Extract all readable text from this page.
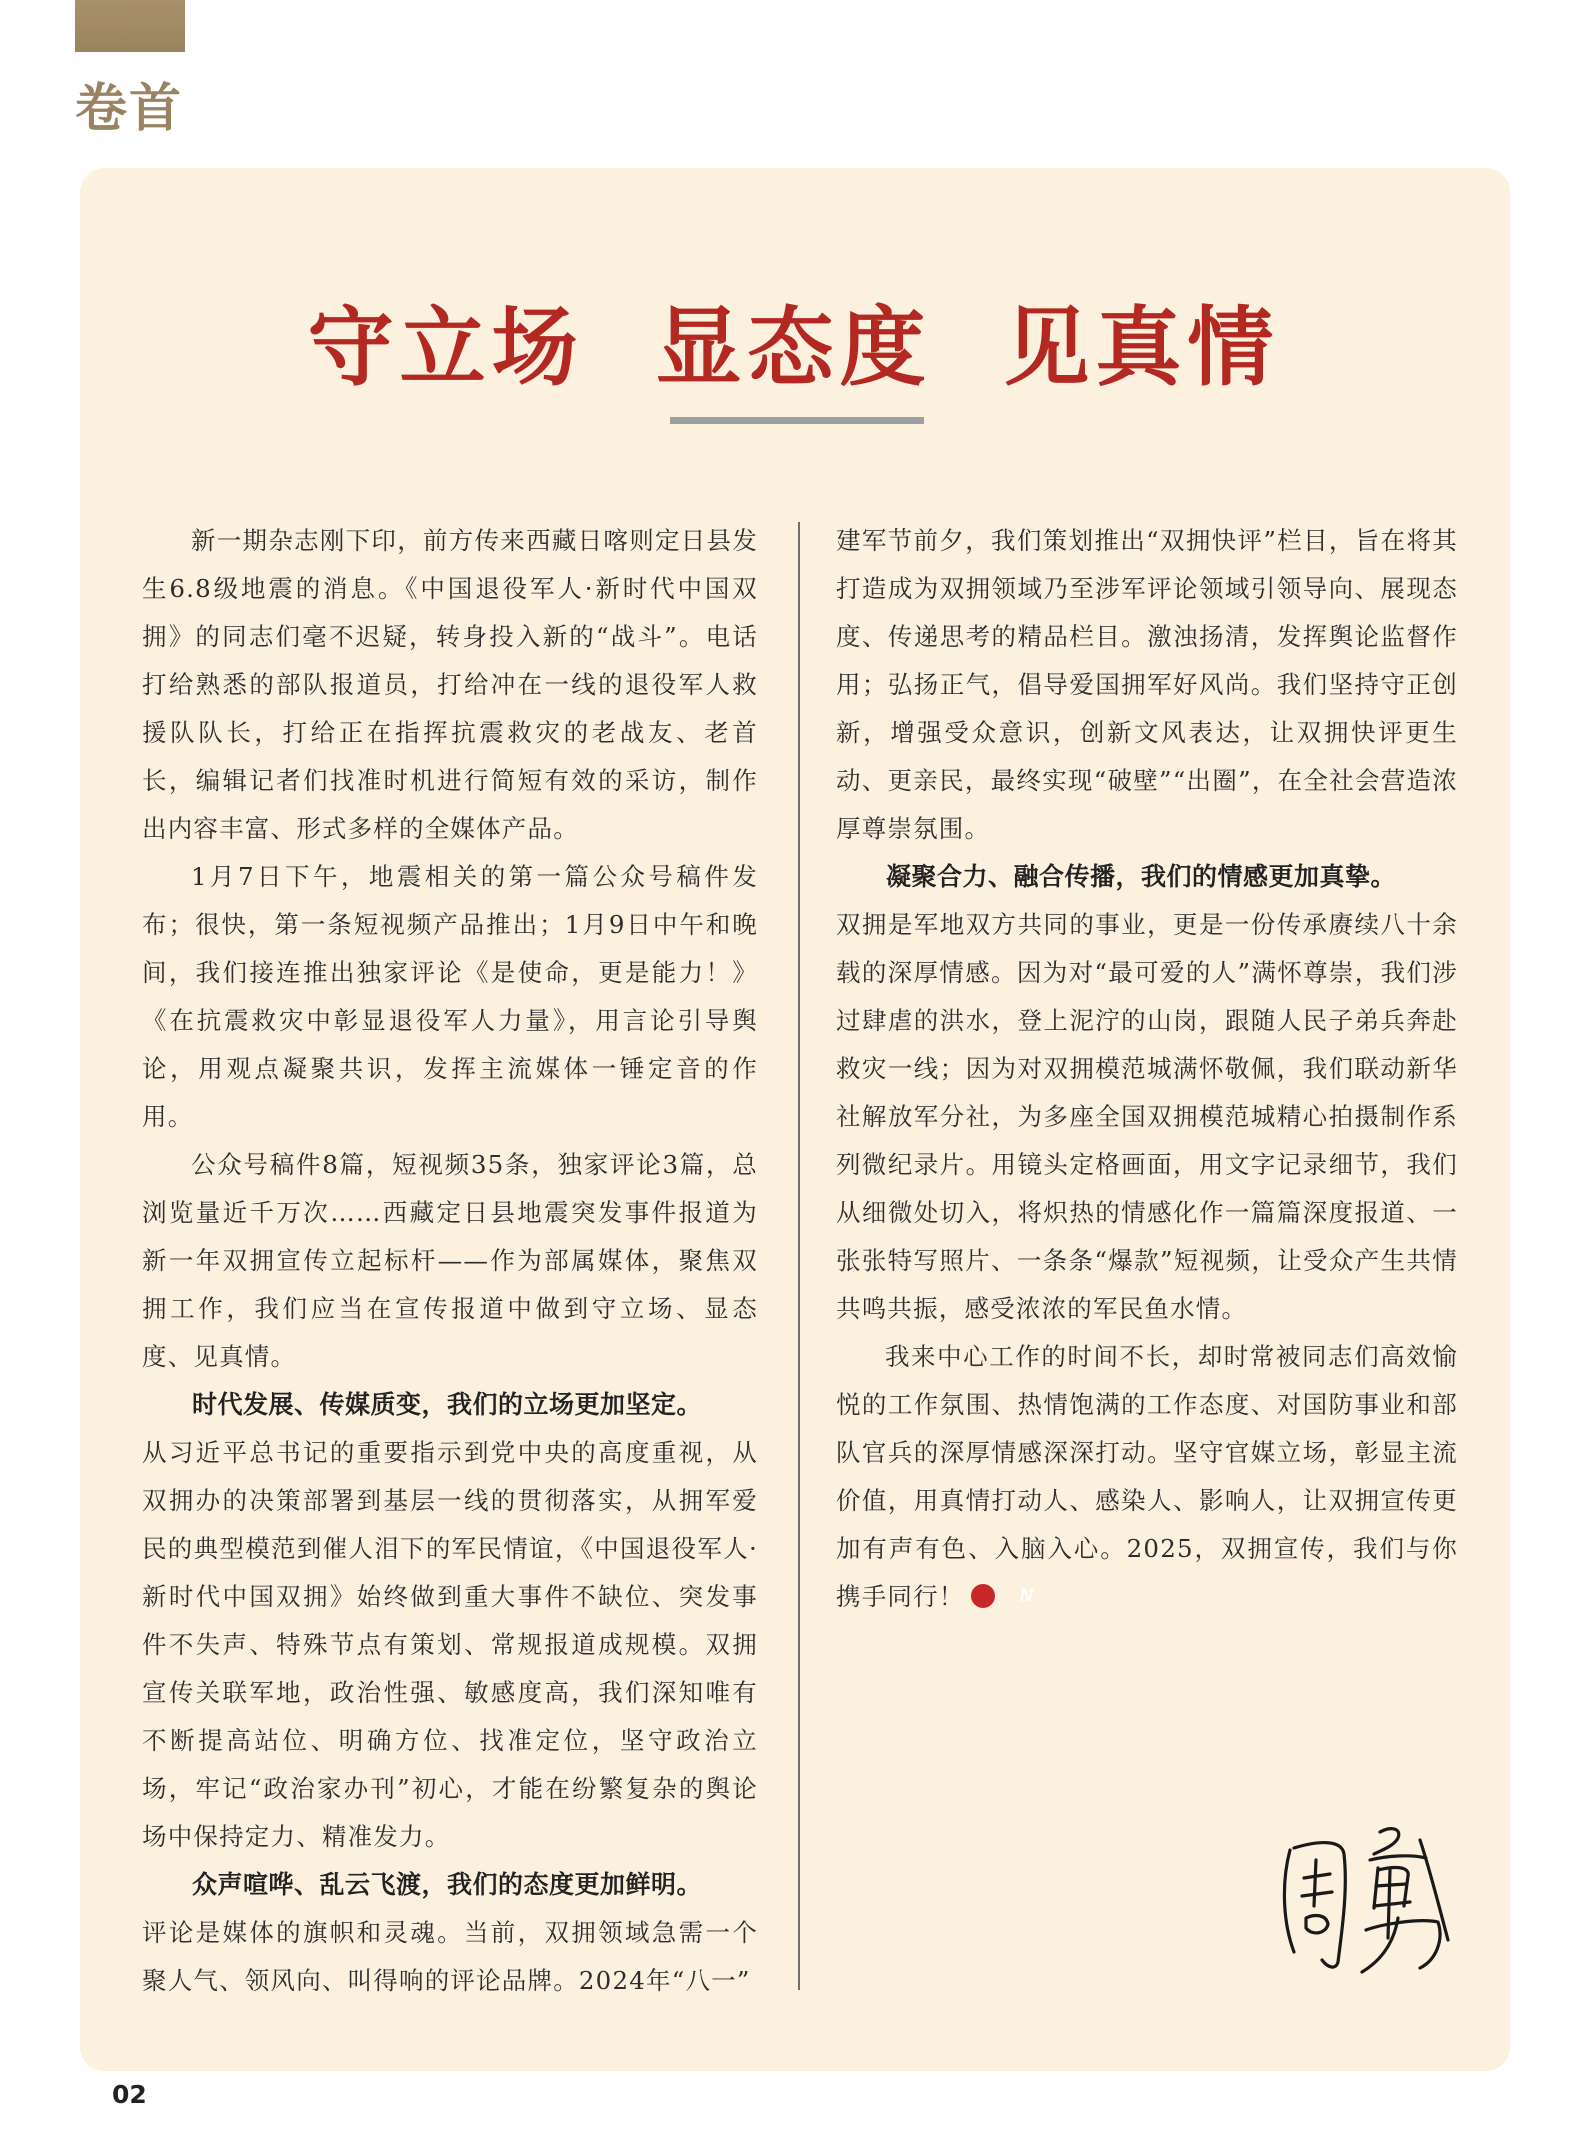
卷首
守立场  显态度  见真情

新一期杂志刚下印，前方传来西藏日喀则定日县发生6.8级地震的消息。《中国退役军人·新时代中国双拥》的同志们毫不迟疑，转身投入新的“战斗”。电话打给熟悉的部队报道员，打给冲在一线的退役军人救援队队长，打给正在指挥抗震救灾的老战友、老首长，编辑记者们找准时机进行简短有效的采访，制作出内容丰富、形式多样的全媒体产品。

1月7日下午，地震相关的第一篇公众号稿件发布；很快，第一条短视频产品推出；1月9日中午和晚间，我们接连推出独家评论《是使命，更是能力！》《在抗震救灾中彰显退役军人力量》，用言论引导舆论，用观点凝聚共识，发挥主流媒体一锤定音的作用。

公众号稿件8篇，短视频35条，独家评论3篇，总浏览量近千万次……西藏定日县地震突发事件报道为新一年双拥宣传立起标杆——作为部属媒体，聚焦双拥工作，我们应当在宣传报道中做到守立场、显态度、见真情。

时代发展、传媒质变，我们的立场更加坚定。

从习近平总书记的重要指示到党中央的高度重视，从双拥办的决策部署到基层一线的贯彻落实，从拥军爱民的典型模范到催人泪下的军民情谊，《中国退役军人·新时代中国双拥》始终做到重大事件不缺位、突发事件不失声、特殊节点有策划、常规报道成规模。双拥宣传关联军地，政治性强、敏感度高，我们深知唯有不断提高站位、明确方位、找准定位，坚守政治立场，牢记“政治家办刊”初心，才能在纷繁复杂的舆论场中保持定力、精准发力。

众声喧哗、乱云飞渡，我们的态度更加鲜明。

评论是媒体的旗帜和灵魂。当前，双拥领域急需一个聚人气、领风向、叫得响的评论品牌。2024年“八一”

建军节前夕，我们策划推出“双拥快评”栏目，旨在将其打造成为双拥领域乃至涉军评论领域引领导向、展现态度、传递思考的精品栏目。激浊扬清，发挥舆论监督作用；弘扬正气，倡导爱国拥军好风尚。我们坚持守正创新，增强受众意识，创新文风表达，让双拥快评更生动、更亲民，最终实现“破壁”“出圈”，在全社会营造浓厚尊崇氛围。

凝聚合力、融合传播，我们的情感更加真挚。

双拥是军地双方共同的事业，更是一份传承赓续八十余载的深厚情感。因为对“最可爱的人”满怀尊崇，我们涉过肆虐的洪水，登上泥泞的山岗，跟随人民子弟兵奔赴救灾一线；因为对双拥模范城满怀敬佩，我们联动新华社解放军分社，为多座全国双拥模范城精心拍摄制作系列微纪录片。用镜头定格画面，用文字记录细节，我们从细微处切入，将炽热的情感化作一篇篇深度报道、一张张特写照片、一条条“爆款”短视频，让受众产生共情共鸣共振，感受浓浓的军民鱼水情。

我来中心工作的时间不长，却时常被同志们高效愉悦的工作氛围、热情饱满的工作态度、对国防事业和部队官兵的深厚情感深深打动。坚守官媒立场，彰显主流价值，用真情打动人、感染人、影响人，让双拥宣传更加有声有色、入脑入心。2025，双拥宣传，我们与你携手同行！N

02
